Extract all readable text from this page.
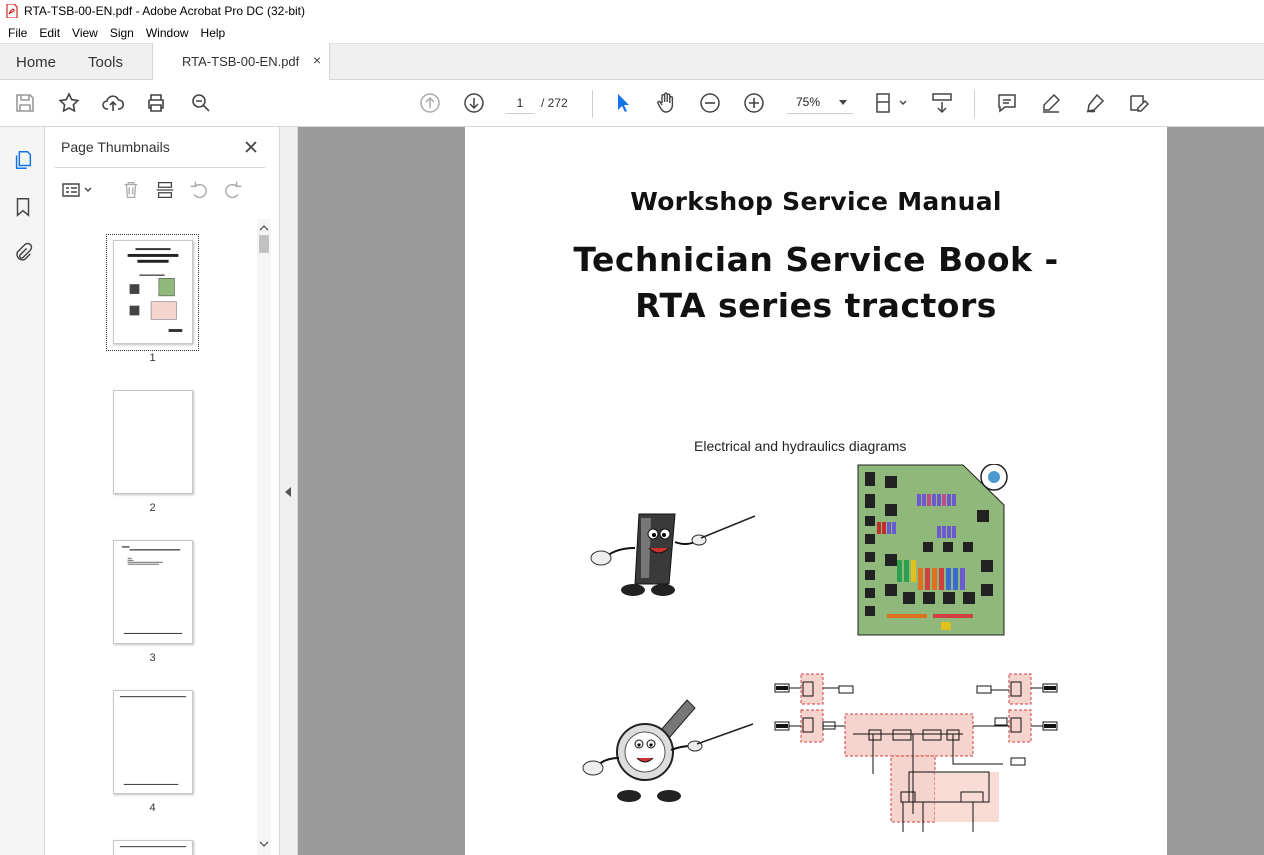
RTA-TSB-00-EN.pdf - Adobe Acrobat Pro DC (32-bit)
File	Edit	View	Sign	Window	Help
Home Tools	RTA-TSB-00-EN.pdf ×
1	/ 272	75%
Page Thumbnails
1
2
3
4
Workshop Service Manual
Technician Service Book -
RTA series tractors
Electrical and hydraulics diagrams
